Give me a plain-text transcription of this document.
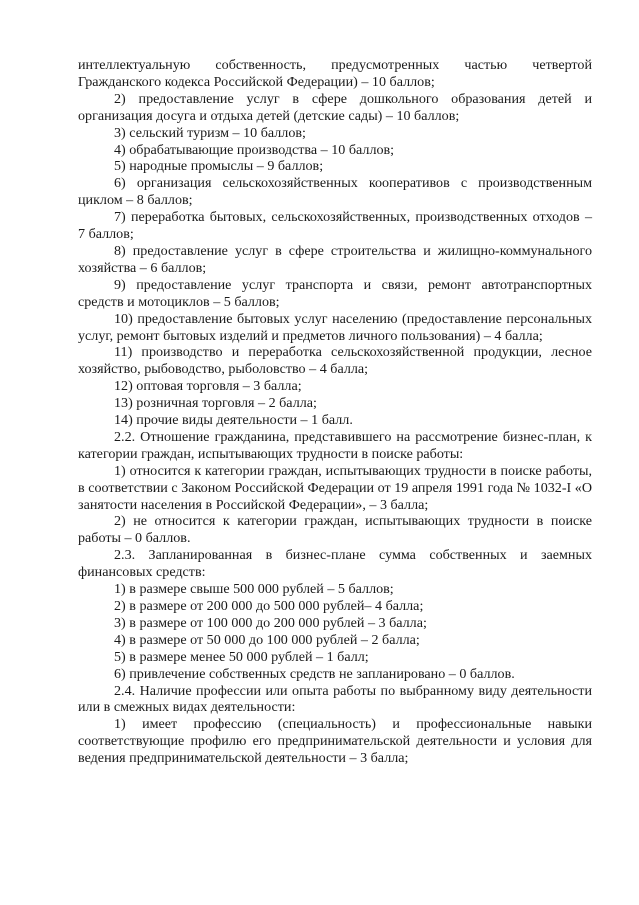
интеллектуальную собственность, предусмотренных частью четвертой Гражданского кодекса Российской Федерации) – 10 баллов;

2) предоставление услуг в сфере дошкольного образования детей и организация досуга и отдыха детей (детские сады) – 10 баллов;

3) сельский туризм – 10 баллов;

4) обрабатывающие производства – 10 баллов;

5) народные промыслы – 9 баллов;

6) организация сельскохозяйственных кооперативов с производственным циклом – 8 баллов;

7) переработка бытовых, сельскохозяйственных, производственных отходов – 7 баллов;

8) предоставление услуг в сфере строительства и жилищно-коммунального хозяйства – 6 баллов;

9) предоставление услуг транспорта и связи, ремонт автотранспортных средств и мотоциклов – 5 баллов;

10) предоставление бытовых услуг населению (предоставление персональных услуг, ремонт бытовых изделий и предметов личного пользования) – 4 балла;

11) производство и переработка сельскохозяйственной продукции, лесное хозяйство, рыбоводство, рыболовство – 4 балла;

12) оптовая торговля – 3 балла;

13) розничная торговля – 2 балла;

14) прочие виды деятельности – 1 балл.

2.2. Отношение гражданина, представившего на рассмотрение бизнес-план, к категории граждан, испытывающих трудности в поиске работы:

1) относится к категории граждан, испытывающих трудности в поиске работы, в соответствии с Законом Российской Федерации от 19 апреля 1991 года № 1032-I «О занятости населения в Российской Федерации», – 3 балла;

2) не относится к категории граждан, испытывающих трудности в поиске работы – 0 баллов.

2.3. Запланированная в бизнес-плане сумма собственных и заемных финансовых средств:

1) в размере свыше 500 000 рублей – 5 баллов;

2) в размере от 200 000 до 500 000 рублей– 4 балла;

3) в размере от 100 000 до 200 000 рублей – 3 балла;

4) в размере от 50 000 до 100 000 рублей – 2 балла;

5) в размере менее 50 000 рублей – 1 балл;

6) привлечение собственных средств не запланировано – 0 баллов.

2.4. Наличие профессии или опыта работы по выбранному виду деятельности или в смежных видах деятельности:

1) имеет профессию (специальность) и профессиональные навыки соответствующие профилю его предпринимательской деятельности и условия для ведения предпринимательской деятельности – 3 балла;
